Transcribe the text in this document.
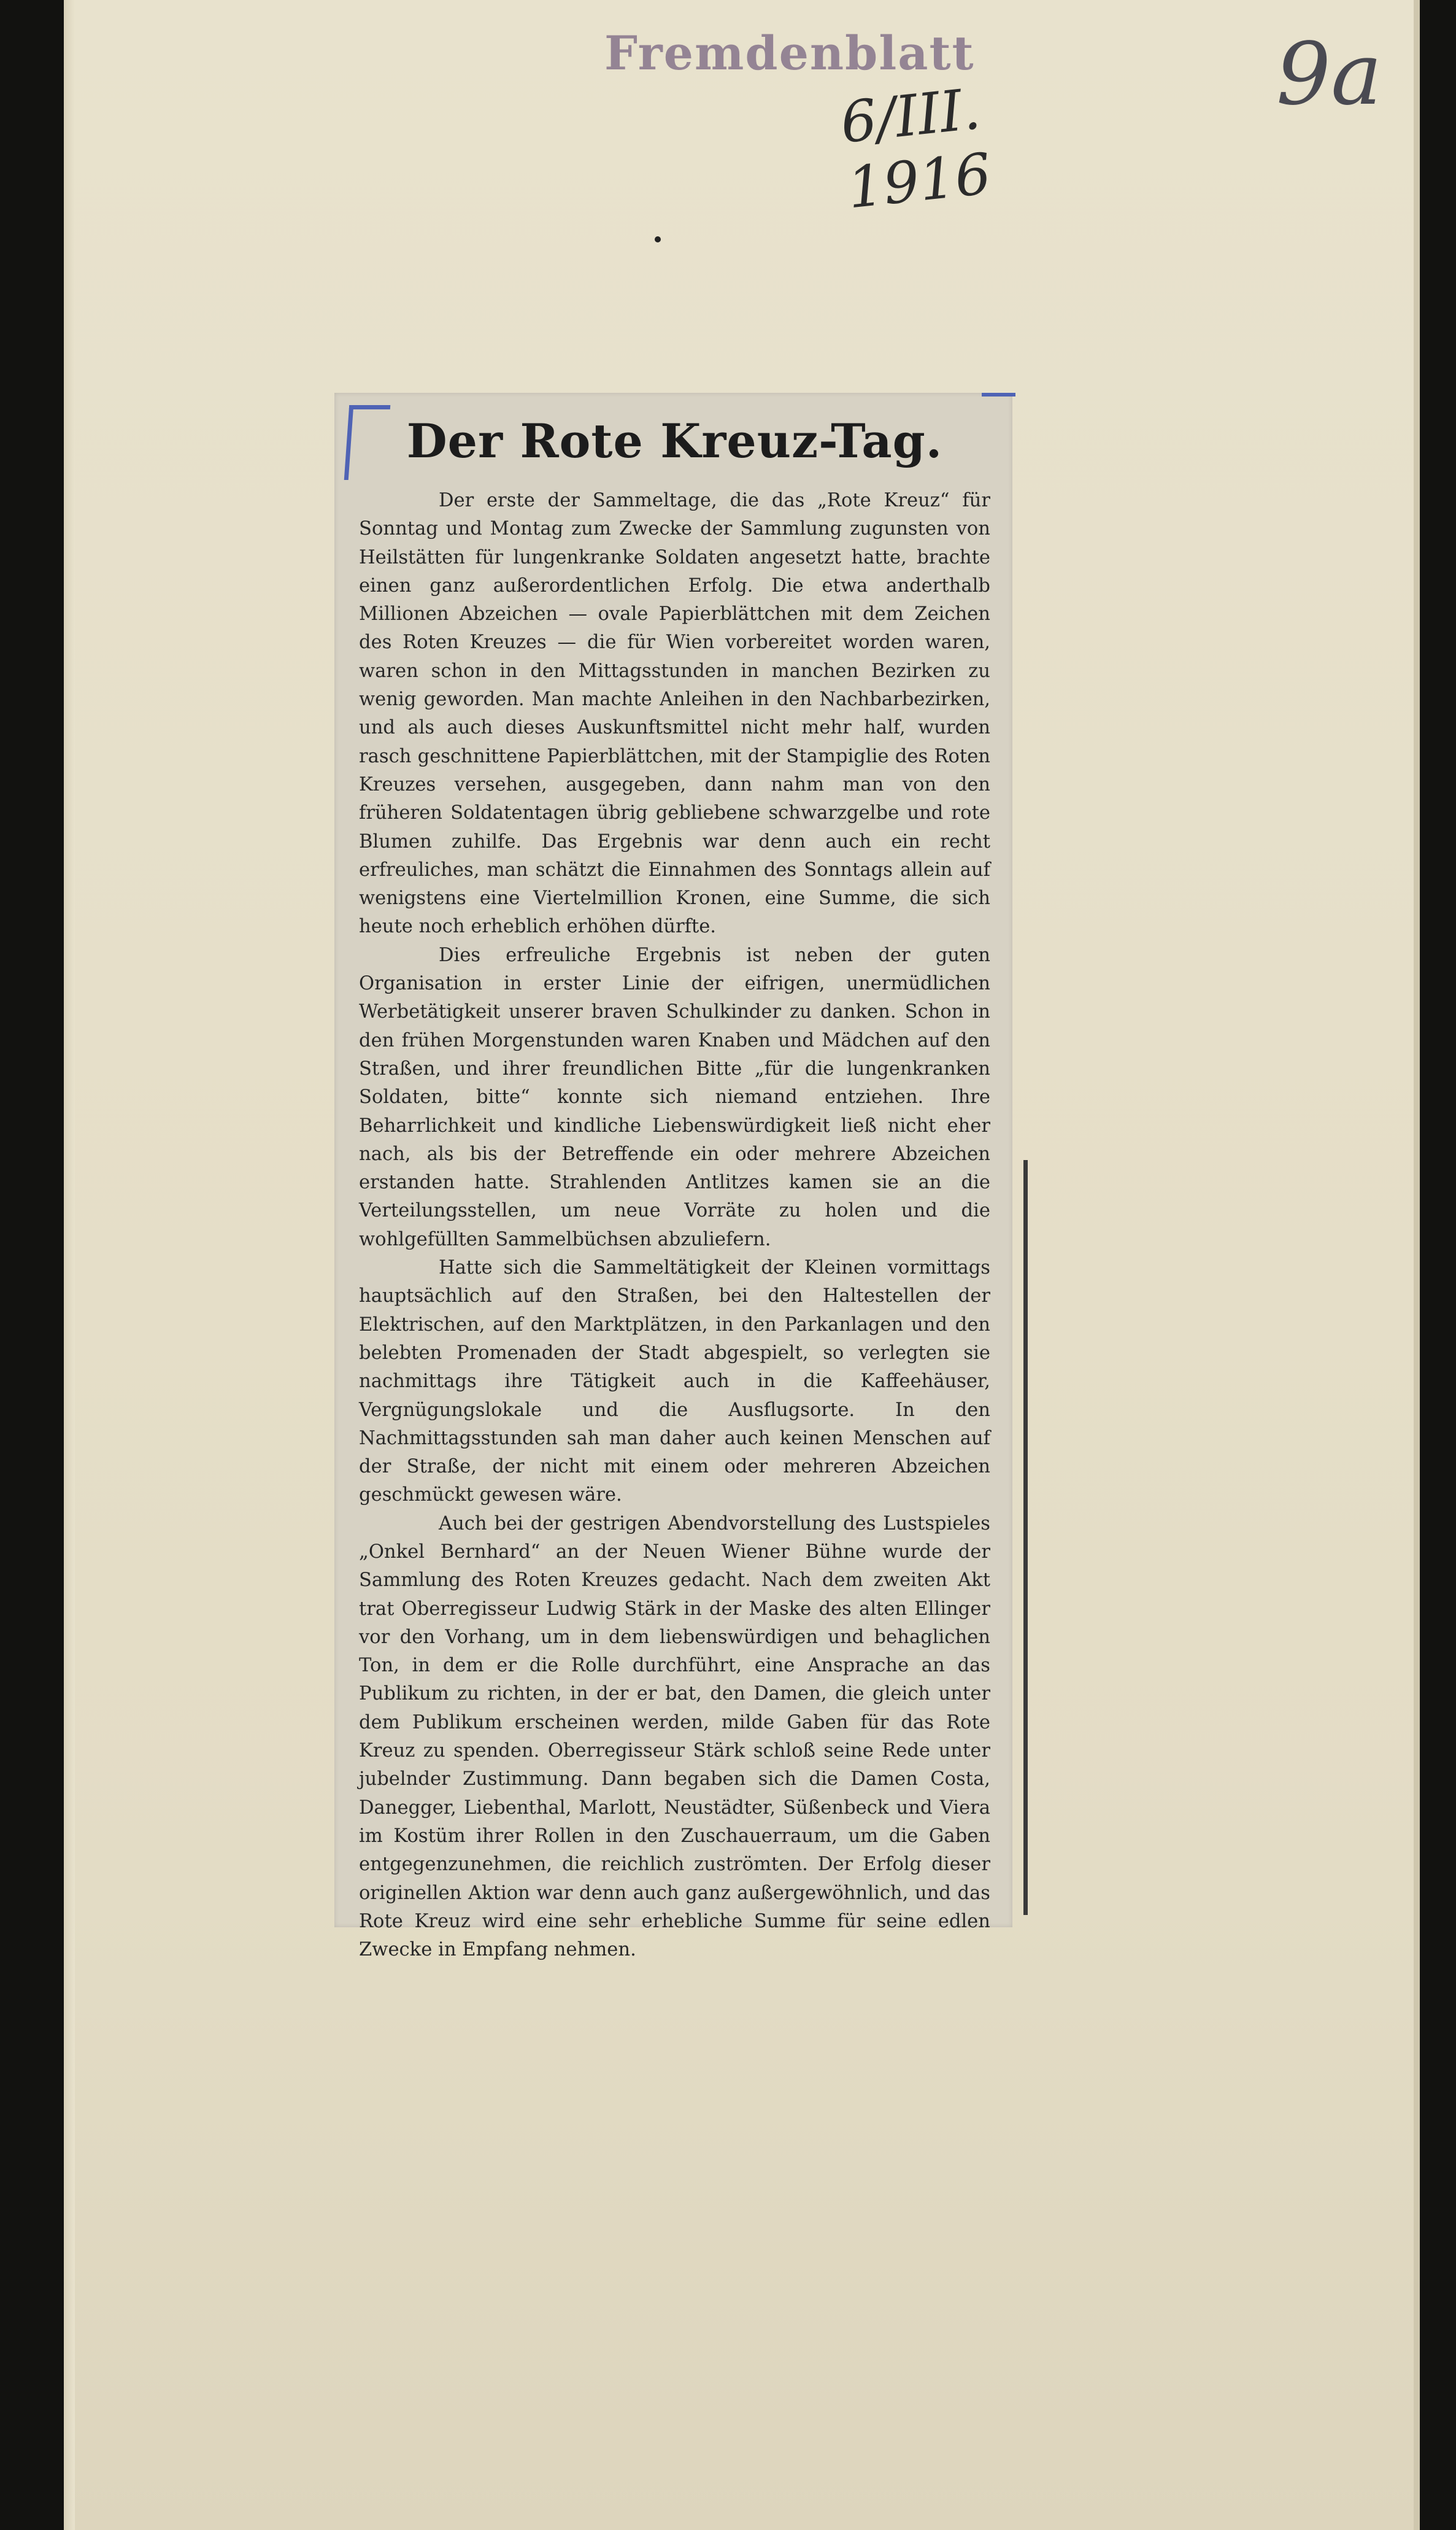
Fremdenblatt
6/III. 1916
9a
Der Rote Kreuz-Tag.

Der erste der Sammeltage, die das „Rote Kreuz“ für Sonntag und Montag zum Zwecke der Sammlung zugunsten von Heilstätten für lungenkranke Soldaten angesetzt hatte, brachte einen ganz außerordentlichen Erfolg. Die etwa anderthalb Millionen Abzeichen — ovale Papierblättchen mit dem Zeichen des Roten Kreuzes — die für Wien vorbereitet worden waren, waren schon in den Mittagsstunden in manchen Bezirken zu wenig geworden. Man machte Anleihen in den Nachbarbezirken, und als auch dieses Auskunftsmittel nicht mehr half, wurden rasch geschnittene Papierblättchen, mit der Stampiglie des Roten Kreuzes versehen, ausgegeben, dann nahm man von den früheren Soldatentagen übrig gebliebene schwarzgelbe und rote Blumen zuhilfe. Das Ergebnis war denn auch ein recht erfreuliches, man schätzt die Einnahmen des Sonntags allein auf wenigstens eine Viertelmillion Kronen, eine Summe, die sich heute noch erheblich erhöhen dürfte.

Dies erfreuliche Ergebnis ist neben der guten Organisation in erster Linie der eifrigen, unermüdlichen Werbetätigkeit unserer braven Schulkinder zu danken. Schon in den frühen Morgenstunden waren Knaben und Mädchen auf den Straßen, und ihrer freundlichen Bitte „für die lungenkranken Soldaten, bitte“ konnte sich niemand entziehen. Ihre Beharrlichkeit und kindliche Liebenswürdigkeit ließ nicht eher nach, als bis der Betreffende ein oder mehrere Abzeichen erstanden hatte. Strahlenden Antlitzes kamen sie an die Verteilungsstellen, um neue Vorräte zu holen und die wohlgefüllten Sammelbüchsen abzuliefern.

Hatte sich die Sammeltätigkeit der Kleinen vormittags hauptsächlich auf den Straßen, bei den Haltestellen der Elektrischen, auf den Marktplätzen, in den Parkanlagen und den belebten Promenaden der Stadt abgespielt, so verlegten sie nachmittags ihre Tätigkeit auch in die Kaffeehäuser, Vergnügungslokale und die Ausflugsorte. In den Nachmittagsstunden sah man daher auch keinen Menschen auf der Straße, der nicht mit einem oder mehreren Abzeichen geschmückt gewesen wäre.

Auch bei der gestrigen Abendvorstellung des Lustspieles „Onkel Bernhard“ an der Neuen Wiener Bühne wurde der Sammlung des Roten Kreuzes gedacht. Nach dem zweiten Akt trat Oberregisseur Ludwig Stärk in der Maske des alten Ellinger vor den Vorhang, um in dem liebenswürdigen und behaglichen Ton, in dem er die Rolle durchführt, eine Ansprache an das Publikum zu richten, in der er bat, den Damen, die gleich unter dem Publikum erscheinen werden, milde Gaben für das Rote Kreuz zu spenden. Oberregisseur Stärk schloß seine Rede unter jubelnder Zustimmung. Dann begaben sich die Damen Costa, Danegger, Liebenthal, Marlott, Neustädter, Süßenbeck und Viera im Kostüm ihrer Rollen in den Zuschauerraum, um die Gaben entgegenzunehmen, die reichlich zuströmten. Der Erfolg dieser originellen Aktion war denn auch ganz außergewöhnlich, und das Rote Kreuz wird eine sehr erhebliche Summe für seine edlen Zwecke in Empfang nehmen.
